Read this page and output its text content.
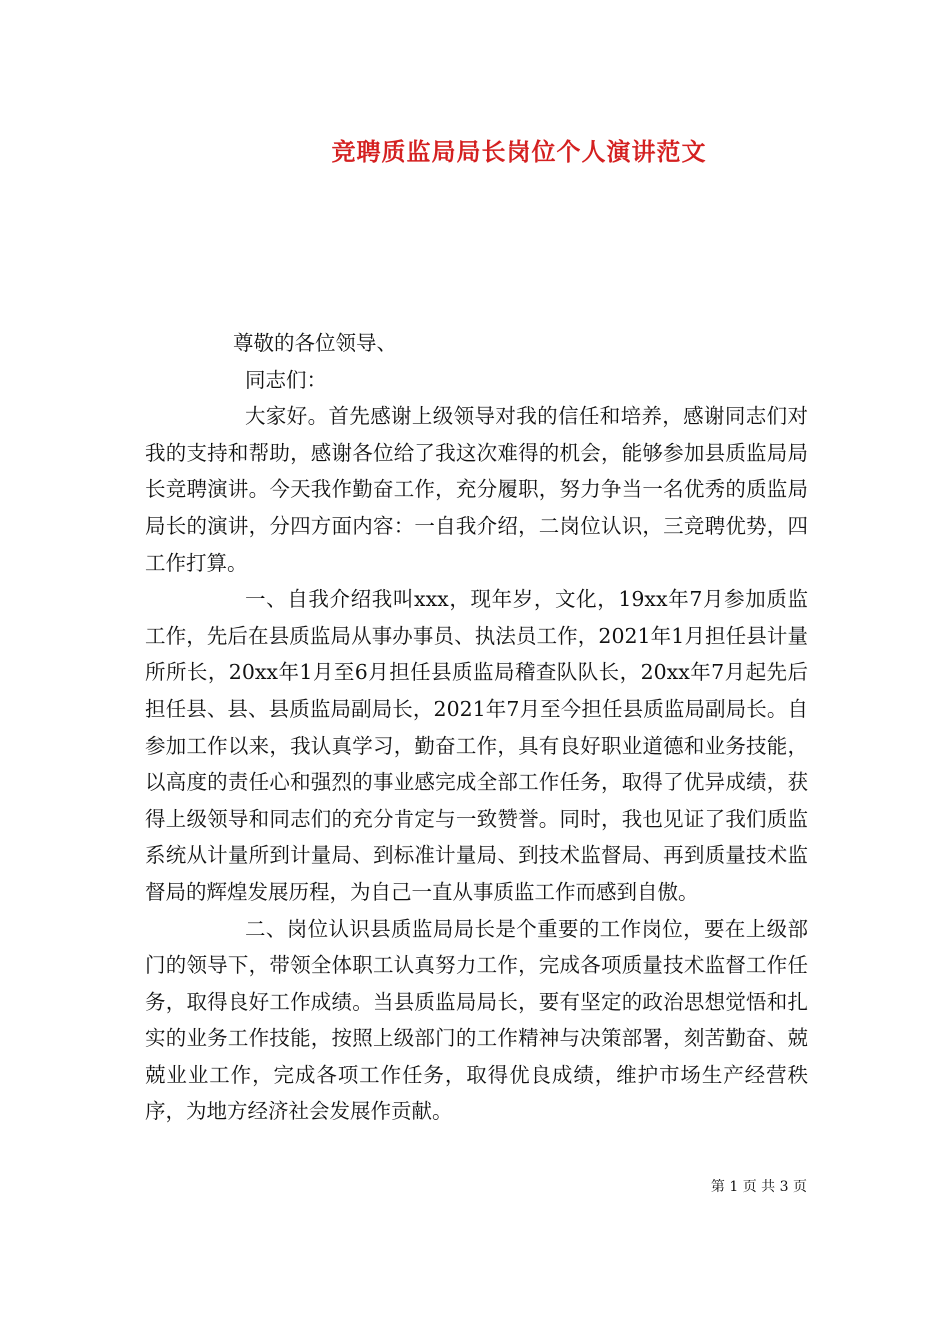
竞聘质监局局长岗位个人演讲范文

尊敬的各位领导、

同志们：

大家好。首先感谢上级领导对我的信任和培养，感谢同志们对我的支持和帮助，感谢各位给了我这次难得的机会，能够参加县质监局局长竞聘演讲。今天我作勤奋工作，充分履职，努力争当一名优秀的质监局局长的演讲，分四方面内容：一自我介绍，二岗位认识，三竞聘优势，四工作打算。

一、自我介绍我叫xxx，现年岁，文化，19xx年7月参加质监工作，先后在县质监局从事办事员、执法员工作，2021年1月担任县计量所所长，20xx年1月至6月担任县质监局稽查队队长，20xx年7月起先后担任县、县、县质监局副局长，2021年7月至今担任县质监局副局长。自参加工作以来，我认真学习，勤奋工作，具有良好职业道德和业务技能，以高度的责任心和强烈的事业感完成全部工作任务，取得了优异成绩，获得上级领导和同志们的充分肯定与一致赞誉。同时，我也见证了我们质监系统从计量所到计量局、到标准计量局、到技术监督局、再到质量技术监督局的辉煌发展历程，为自己一直从事质监工作而感到自傲。

二、岗位认识县质监局局长是个重要的工作岗位，要在上级部门的领导下，带领全体职工认真努力工作，完成各项质量技术监督工作任务，取得良好工作成绩。当县质监局局长，要有坚定的政治思想觉悟和扎实的业务工作技能，按照上级部门的工作精神与决策部署，刻苦勤奋、兢兢业业工作，完成各项工作任务，取得优良成绩，维护市场生产经营秩序，为地方经济社会发展作贡献。

第 1 页 共 3 页
